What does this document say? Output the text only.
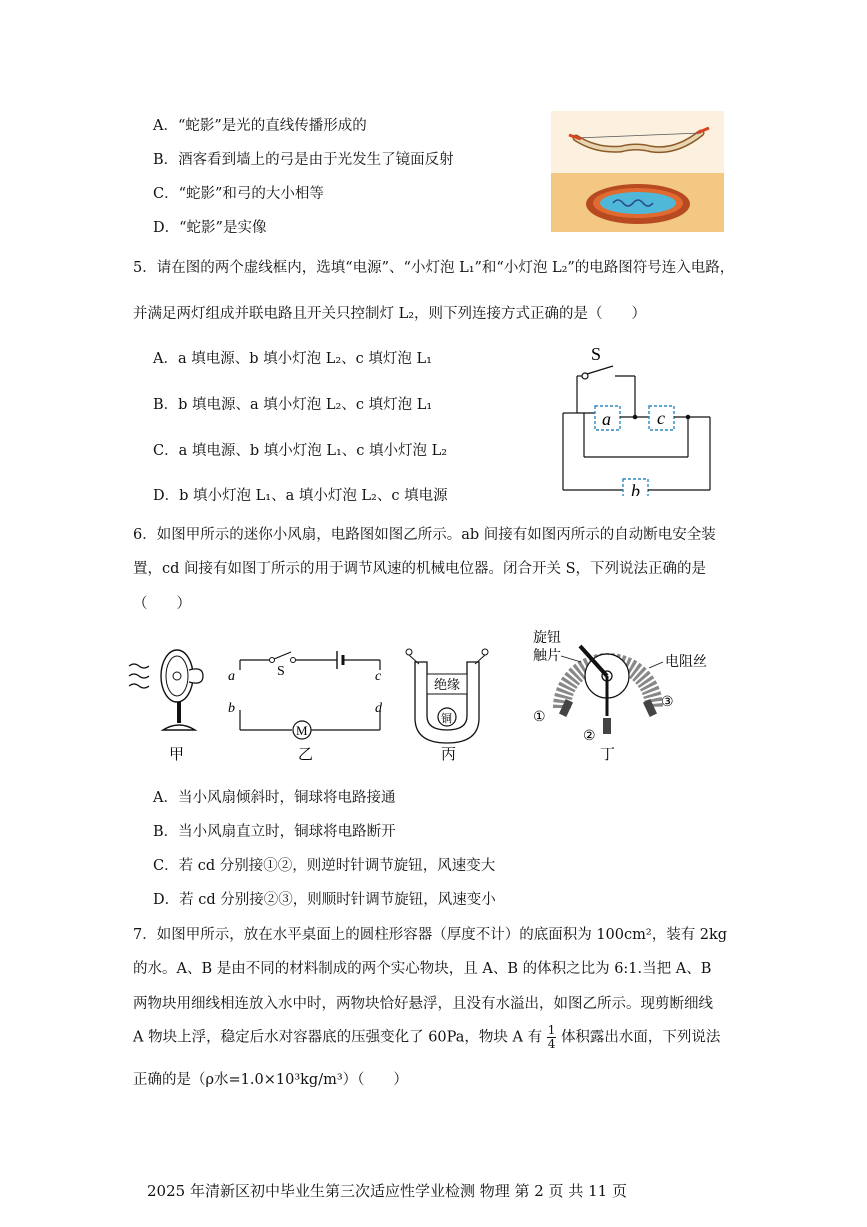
A．“蛇影”是光的直线传播形成的
B．酒客看到墙上的弓是由于光发生了镜面反射
C．“蛇影”和弓的大小相等
D．“蛇影”是实像
5．请在图的两个虚线框内，选填“电源”、“小灯泡 L₁”和“小灯泡 L₂”的电路图符号连入电路，
并满足两灯组成并联电路且开关只控制灯 L₂，则下列连接方式正确的是（　　）
A．a 填电源、b 填小灯泡 L₂、c 填灯泡 L₁
B．b 填电源、a 填小灯泡 L₂、c 填灯泡 L₁
C．a 填电源、b 填小灯泡 L₁、c 填小灯泡 L₂
D．b 填小灯泡 L₁、a 填小灯泡 L₂、c 填电源
S
a	c
b
6．如图甲所示的迷你小风扇，电路图如图乙所示。ab 间接有如图丙所示的自动断电安全装
置，cd 间接有如图丁所示的用于调节风速的机械电位器。闭合开关 S，下列说法正确的是
（　　）
甲
S
a
b
c
d
M
乙
绝缘
铜
丙
旋钮
触片	电阻丝
①
②
③
丁
A．当小风扇倾斜时，铜球将电路接通
B．当小风扇直立时，铜球将电路断开
C．若 cd 分别接①②，则逆时针调节旋钮，风速变大
D．若 cd 分别接②③，则顺时针调节旋钮，风速变小
7．如图甲所示，放在水平桌面上的圆柱形容器（厚度不计）的底面积为 100cm²，装有 2kg
的水。A、B 是由不同的材料制成的两个实心物块，且 A、B 的体积之比为 6:1.当把 A、B
两物块用细线相连放入水中时，两物块恰好悬浮，且没有水溢出，如图乙所示。现剪断细线
A 物块上浮，稳定后水对容器底的压强变化了 60Pa，物块 A 有 $\frac{1}{4}$ 体积露出水面，下列说法
正确的是（ρ水=1.0×10³kg/m³）（　　）
2025 年清新区初中毕业生第三次适应性学业检测 物理 第 2 页 共 11 页
